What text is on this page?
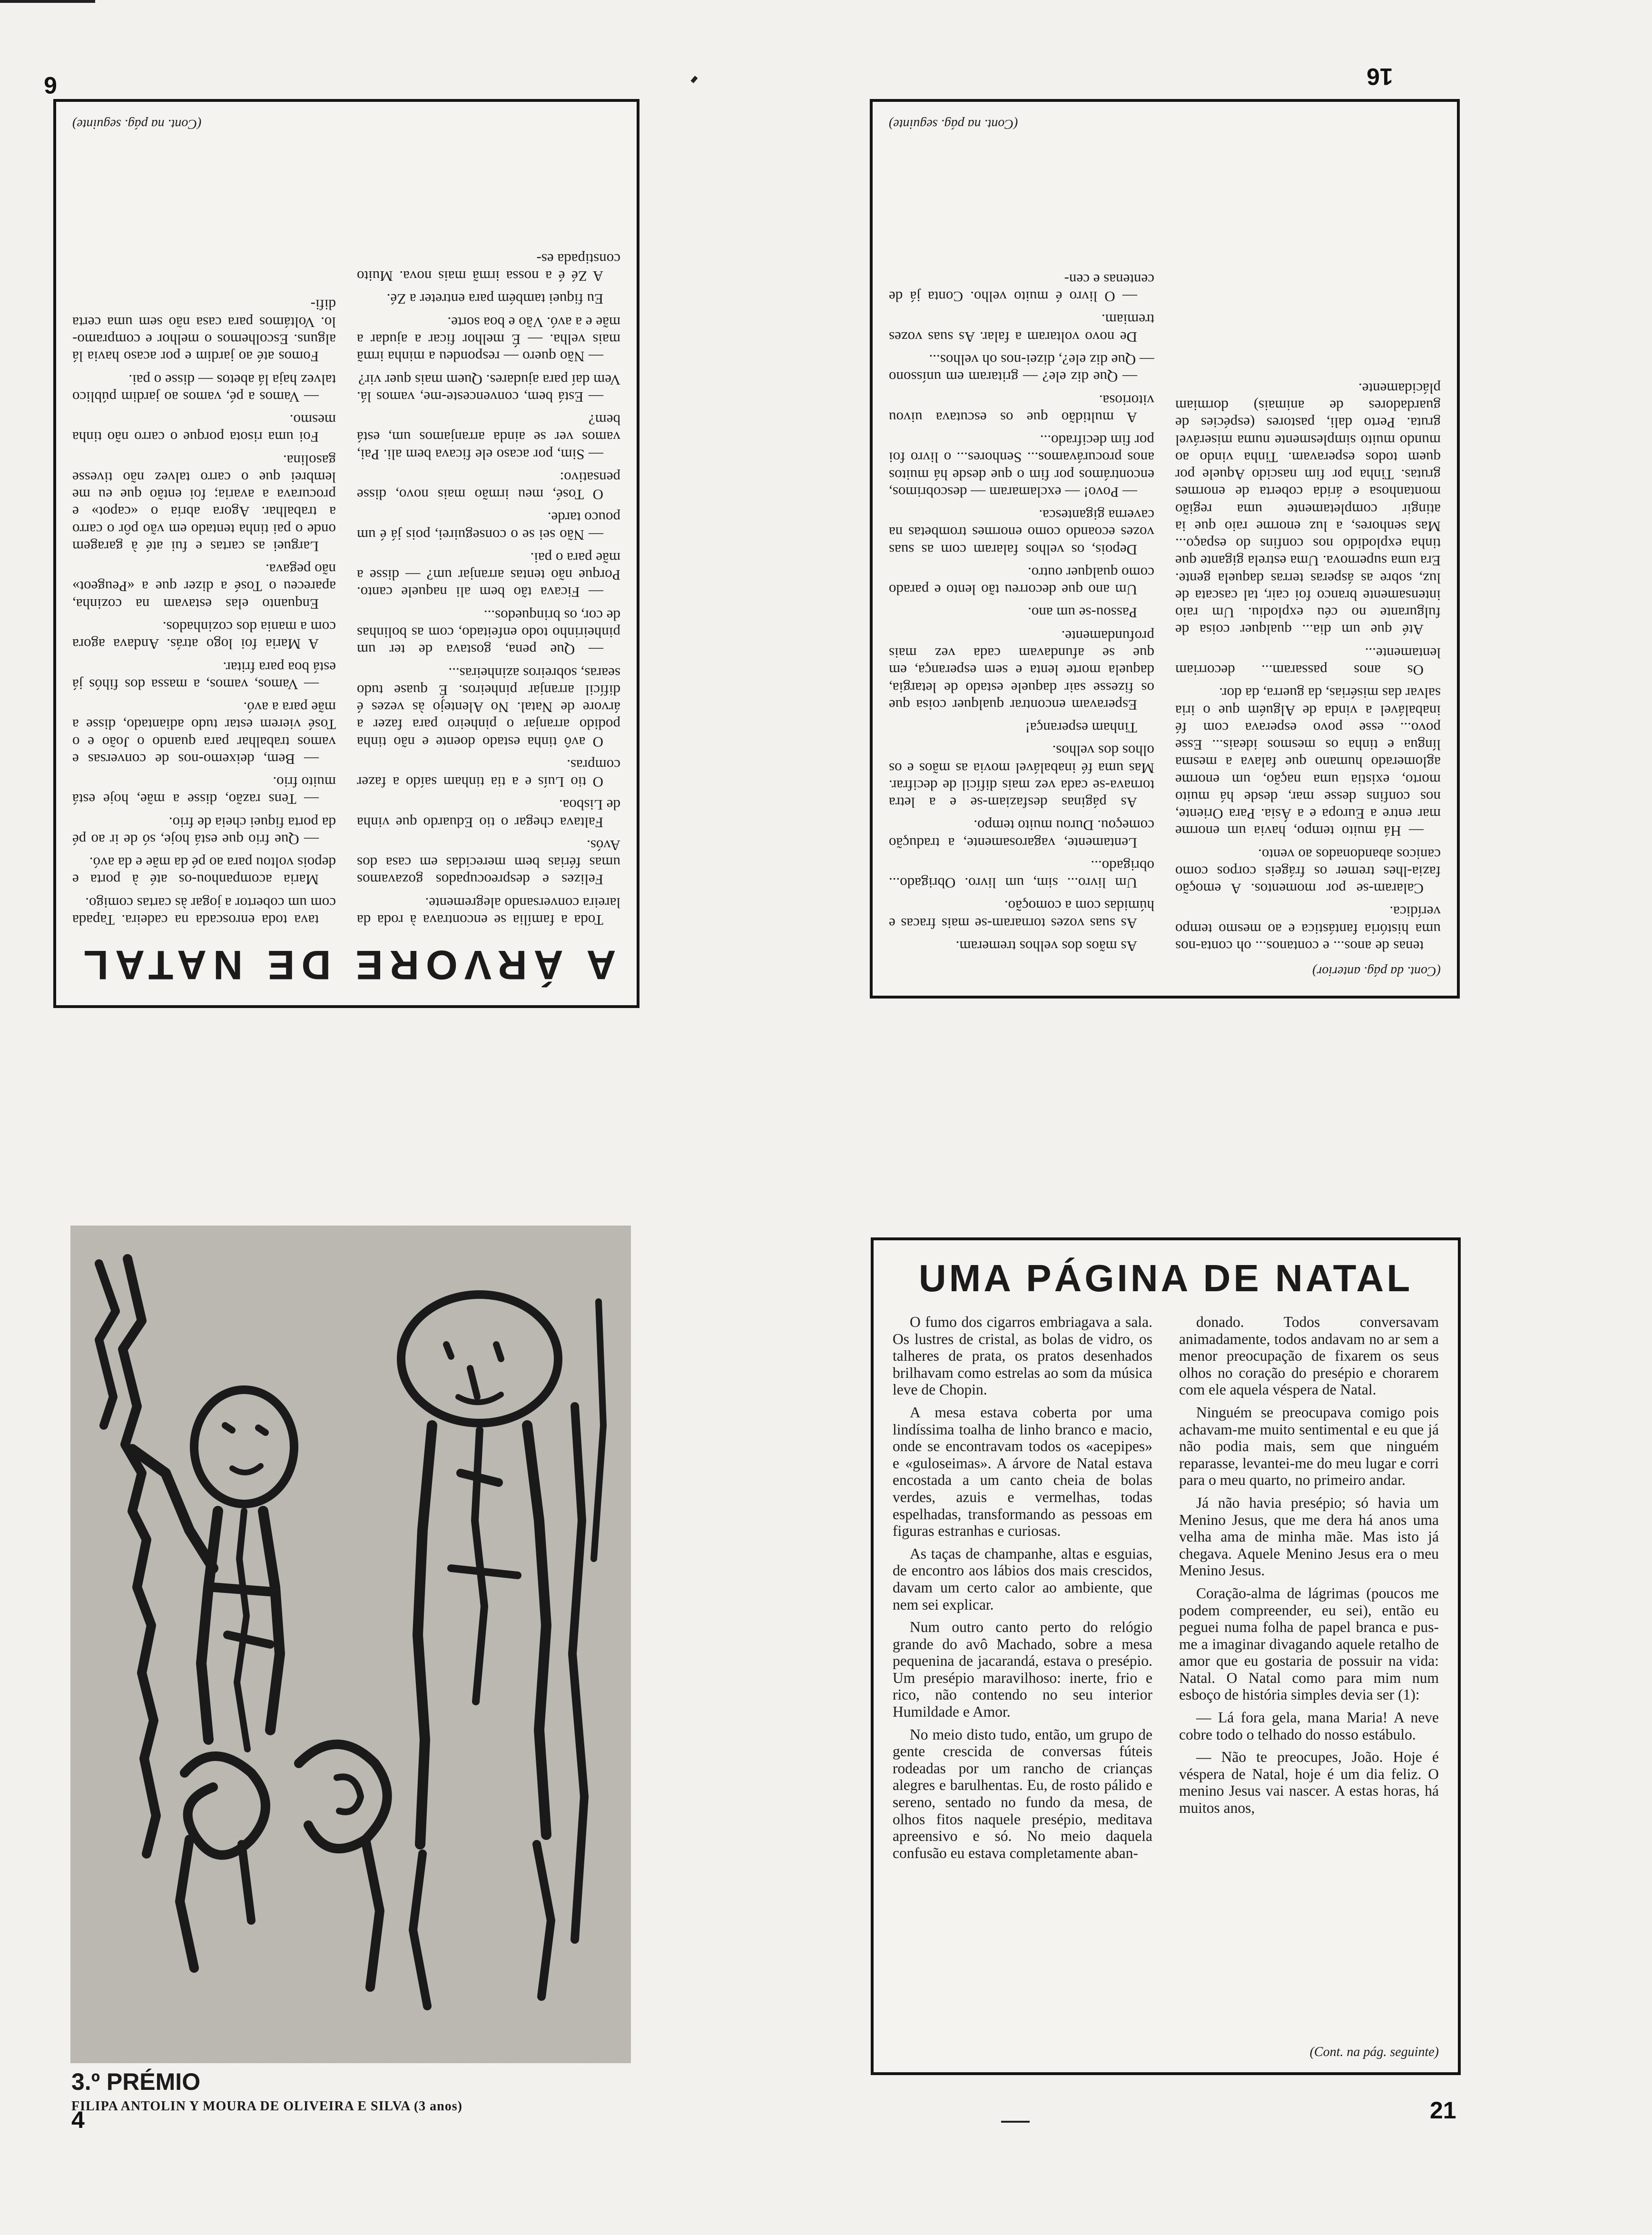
6	16
4	21
A ÁRVORE DE NATAL

Toda a família se encontrava à roda da lareira conversando alegremente.

Felizes e despreocupados gozavamos umas férias bem merecidas em casa dos Avós.

Faltava chegar o tio Eduardo que vinha de Lisboa.

O tio Luís e a tia tinham saído a fazer compras.

O avô tinha estado doente e não tinha podido arranjar o pinheiro para fazer a árvore de Natal. No Alentejo às vezes é difícil arranjar pinheiros. É quase tudo searas, sobreiros azinheiras...

— Que pena, gostava de ter um pinheirinho todo enfeitado, com as bolinhas de cor, os brinquedos...

— Ficava tão bem ali naquele canto. Porque não tentas arranjar um? — disse a mãe para o pai.

— Não sei se o conseguirei, pois já é um pouco tarde.

O Tosé, meu irmão mais novo, disse pensativo:

— Sim, por acaso ele ficava bem ali. Pai, vamos ver se ainda arranjamos um, está bem?

— Está bem, convenceste-me, vamos lá. Vem daí para ajudares. Quem mais quer vir?

— Não quero — respondeu a minha irmã mais velha. — É melhor ficar a ajudar a mãe e a avó. Vão e boa sorte.

Eu fiquei também para entreter a Zé.

A Zé é a nossa irmã mais nova. Muito constipada es-

tava toda enroscada na cadeira. Tapada com um cobertor a jogar às cartas comigo.

Maria acompanhou-os até à porta e depois voltou para ao pé da mãe e da avó.

— Que frio que está hoje, só de ir ao pé da porta fiquei cheia de frio.

— Tens razão, disse a mãe, hoje está muito frio.

— Bem, deixemo-nos de conversas e vamos trabalhar para quando o João e o Tosé vierem estar tudo adiantado, disse a mãe para a avó.

— Vamos, vamos, a massa dos fihós já está boa para fritar.

A Maria foi logo atrás. Andava agora com a mania dos cozinhados.

Enquanto elas estavam na cozinha, apareceu o Tosé a dizer que a «Peugeot» não pegava.

Larguei as cartas e fui até à garagem onde o pai tinha tentado em vão pôr o carro a trabalhar. Agora abria o «capot» e procurava a avaria; foi então que eu me lembrei que o carro talvez não tivesse gasolina.

Foi uma risota porque o carro não tinha mesmo.

— Vamos a pé, vamos ao jardim público talvez haja lá abetos — disse o pai.

Fomos até ao jardim e por acaso havia lá alguns. Escolhemos o melhor e compramo-lo. Voltámos para casa não sem uma certa difi-

(Cont. na pág. seguinte)
(Cont. da pág. anterior)

tenas de anos... e contanos... oh conta-nos uma história fantástica e ao mesmo tempo verídica.

Calaram-se por momentos. A emoção fazia-lhes tremer os frágeis corpos como canicos abandonados ao vento.

— Há muito tempo, havia um enorme mar entre a Europa e a Ásia. Para Oriente, nos confins desse mar, desde há muito morto, existia uma nação, um enorme aglomerado humano que falava a mesma língua e tinha os mesmos ideais... Esse povo... esse povo esperava com fé inabalável a vinda de Alguém que o iria salvar das misérias, da guerra, da dor.

Os anos passaram... decorriam lentamente...

Até que um dia... qualquer coisa de fulgurante no céu explodiu. Um raio intensamente branco foi cair, tal cascata de luz, sobre as ásperas terras daquela gente. Era uma supernova. Uma estrela gigante que tinha explodido nos confins do espaço... Mas senhores, a luz enorme raio que ia atingir completamente uma região montanhosa e árida coberta de enormes grutas. Tinha por fim nascido Aquele por quem todos esperavam. Tinha vindo ao mundo muito simplesmente numa miserável gruta. Perto dali, pastores (espécies de guardadores de animais) dormiam plácidamente.

As mãos dos velhos tremeram.

As suas vozes tornaram-se mais fracas e húmidas com a comoção.

Um livro... sim, um livro. Obrigado... obrigado...

Lentamente, vagarosamente, a tradução começou. Durou muito tempo.

As páginas desfaziam-se e a letra tornava-se cada vez mais difícil de decifrar. Mas uma fé inabalável movia as mãos e os olhos dos velhos.

Tinham esperança!

Esperavam encontrar qualquer coisa que os fizesse sair daquele estado de letargia, daquela morte lenta e sem esperança, em que se afundavam cada vez mais profundamente.

Passou-se um ano.

Um ano que decorreu tão lento e parado como qualquer outro.

Depois, os velhos falaram com as suas vozes ecoando como enormes trombetas na caverna gigantesca.

— Povo! — exclamaram — descobrimos, encontrámos por fim o que desde há muitos anos procurávamos... Senhores... o livro foi por fim decifrado...

A multidão que os escutava uivou vitoriosa.

— Que diz ele? — gritaram em uníssono — Que diz ele?, dizei-nos oh velhos...

De novo voltaram a falar. As suas vozes tremiam.

— O livro é muito velho. Conta já de centenas e cen-

(Cont. na pág. seguinte)
3.º PRÉMIO
FILIPA ANTOLIN Y MOURA DE OLIVEIRA E SILVA (3 anos)
UMA PÁGINA DE NATAL

O fumo dos cigarros embriagava a sala. Os lustres de cristal, as bolas de vidro, os talheres de prata, os pratos desenhados brilhavam como estrelas ao som da música leve de Chopin.

A mesa estava coberta por uma lindíssima toalha de linho branco e macio, onde se encontravam todos os «acepipes» e «guloseimas». A árvore de Natal estava encostada a um canto cheia de bolas verdes, azuis e vermelhas, todas espelhadas, transformando as pessoas em figuras estranhas e curiosas.

As taças de champanhe, altas e esguias, de encontro aos lábios dos mais crescidos, davam um certo calor ao ambiente, que nem sei explicar.

Num outro canto perto do relógio grande do avô Machado, sobre a mesa pequenina de jacarandá, estava o presépio. Um presépio maravilhoso: inerte, frio e rico, não contendo no seu interior Humildade e Amor.

No meio disto tudo, então, um grupo de gente crescida de conversas fúteis rodeadas por um rancho de crianças alegres e barulhentas. Eu, de rosto pálido e sereno, sentado no fundo da mesa, de olhos fitos naquele presépio, meditava apreensivo e só. No meio daquela confusão eu estava completamente aban-

donado. Todos conversavam animadamente, todos andavam no ar sem a menor preocupação de fixarem os seus olhos no coração do presépio e chorarem com ele aquela véspera de Natal.

Ninguém se preocupava comigo pois achavam-me muito sentimental e eu que já não podia mais, sem que ninguém reparasse, levantei-me do meu lugar e corri para o meu quarto, no primeiro andar.

Já não havia presépio; só havia um Menino Jesus, que me dera há anos uma velha ama de minha mãe. Mas isto já chegava. Aquele Menino Jesus era o meu Menino Jesus.

Coração-alma de lágrimas (poucos me podem compreender, eu sei), então eu peguei numa folha de papel branca e pus-me a imaginar divagando aquele retalho de amor que eu gostaria de possuir na vida: Natal. O Natal como para mim num esboço de história simples devia ser (1):

— Lá fora gela, mana Maria! A neve cobre todo o telhado do nosso estábulo.

— Não te preocupes, João. Hoje é véspera de Natal, hoje é um dia feliz. O menino Jesus vai nascer. A estas horas, há muitos anos,

(Cont. na pág. seguinte)
